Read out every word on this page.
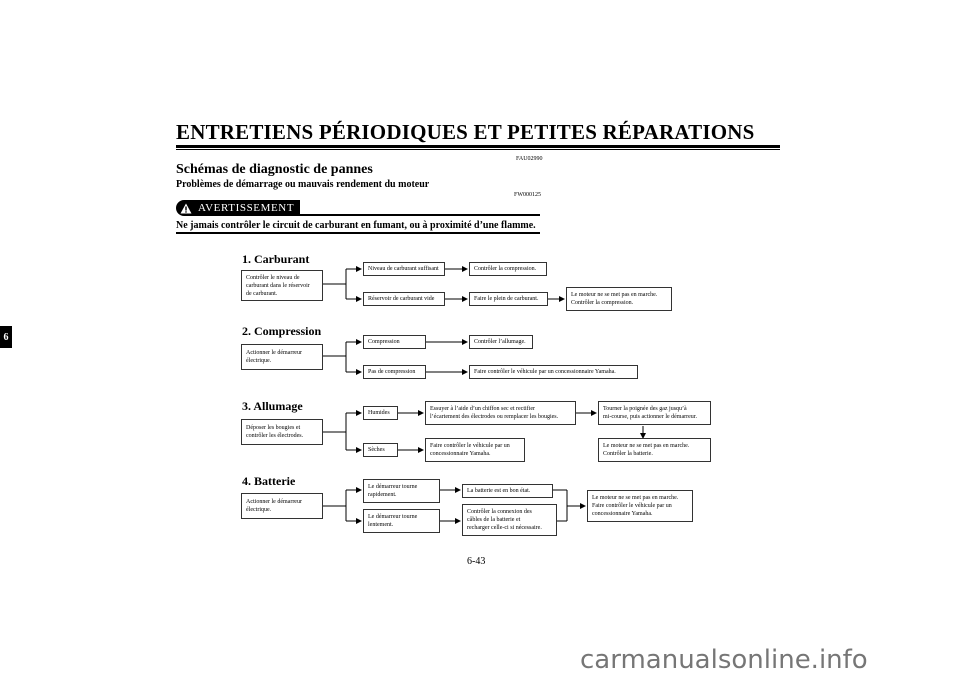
ENTRETIENS PÉRIODIQUES ET PETITES RÉPARATIONS
6
FAU02990
Schémas de diagnostic de pannes
Problèmes de démarrage ou mauvais rendement du moteur
FW000125
AVERTISSEMENT
Ne jamais contrôler le circuit de carburant en fumant, ou à proximité d’une flamme.
1. Carburant
Contrôler le niveau de
carburant dans le réservoir
de carburant.
Niveau de carburant suffisant	Contrôler la compression.
Réservoir de carburant vide	Faire le plein de carburant.
Le moteur ne se met pas en marche.
Contrôler la compression.
2. Compression
Actionner le démarreur
électrique.
Compression	Contrôler l’allumage.
Pas de compression	Faire contrôler le véhicule par un concessionnaire Yamaha.
3. Allumage
Déposer les bougies et
contrôler les électrodes.
Humides
Essuyer à l’aide d’un chiffon sec et rectifier
l’écartement des électrodes ou remplacer les bougies.
Tourner la poignée des gaz jusqu’à
mi-course, puis actionner le démarreur.
Le moteur ne se met pas en marche.
Contrôler la batterie.
Sèches
Faire contrôler le véhicule par un
concessionnaire Yamaha.
4. Batterie
Actionner le démarreur
électrique.
Le démarreur tourne
rapidement.
La batterie est en bon état.
Le démarreur tourne
lentement.
Contrôler la connexion des
câbles de la batterie et
recharger celle-ci si nécessaire.
Le moteur ne se met pas en marche.
Faire contrôler le véhicule par un
concessionnaire Yamaha.
6-43
carmanualsonline.info
